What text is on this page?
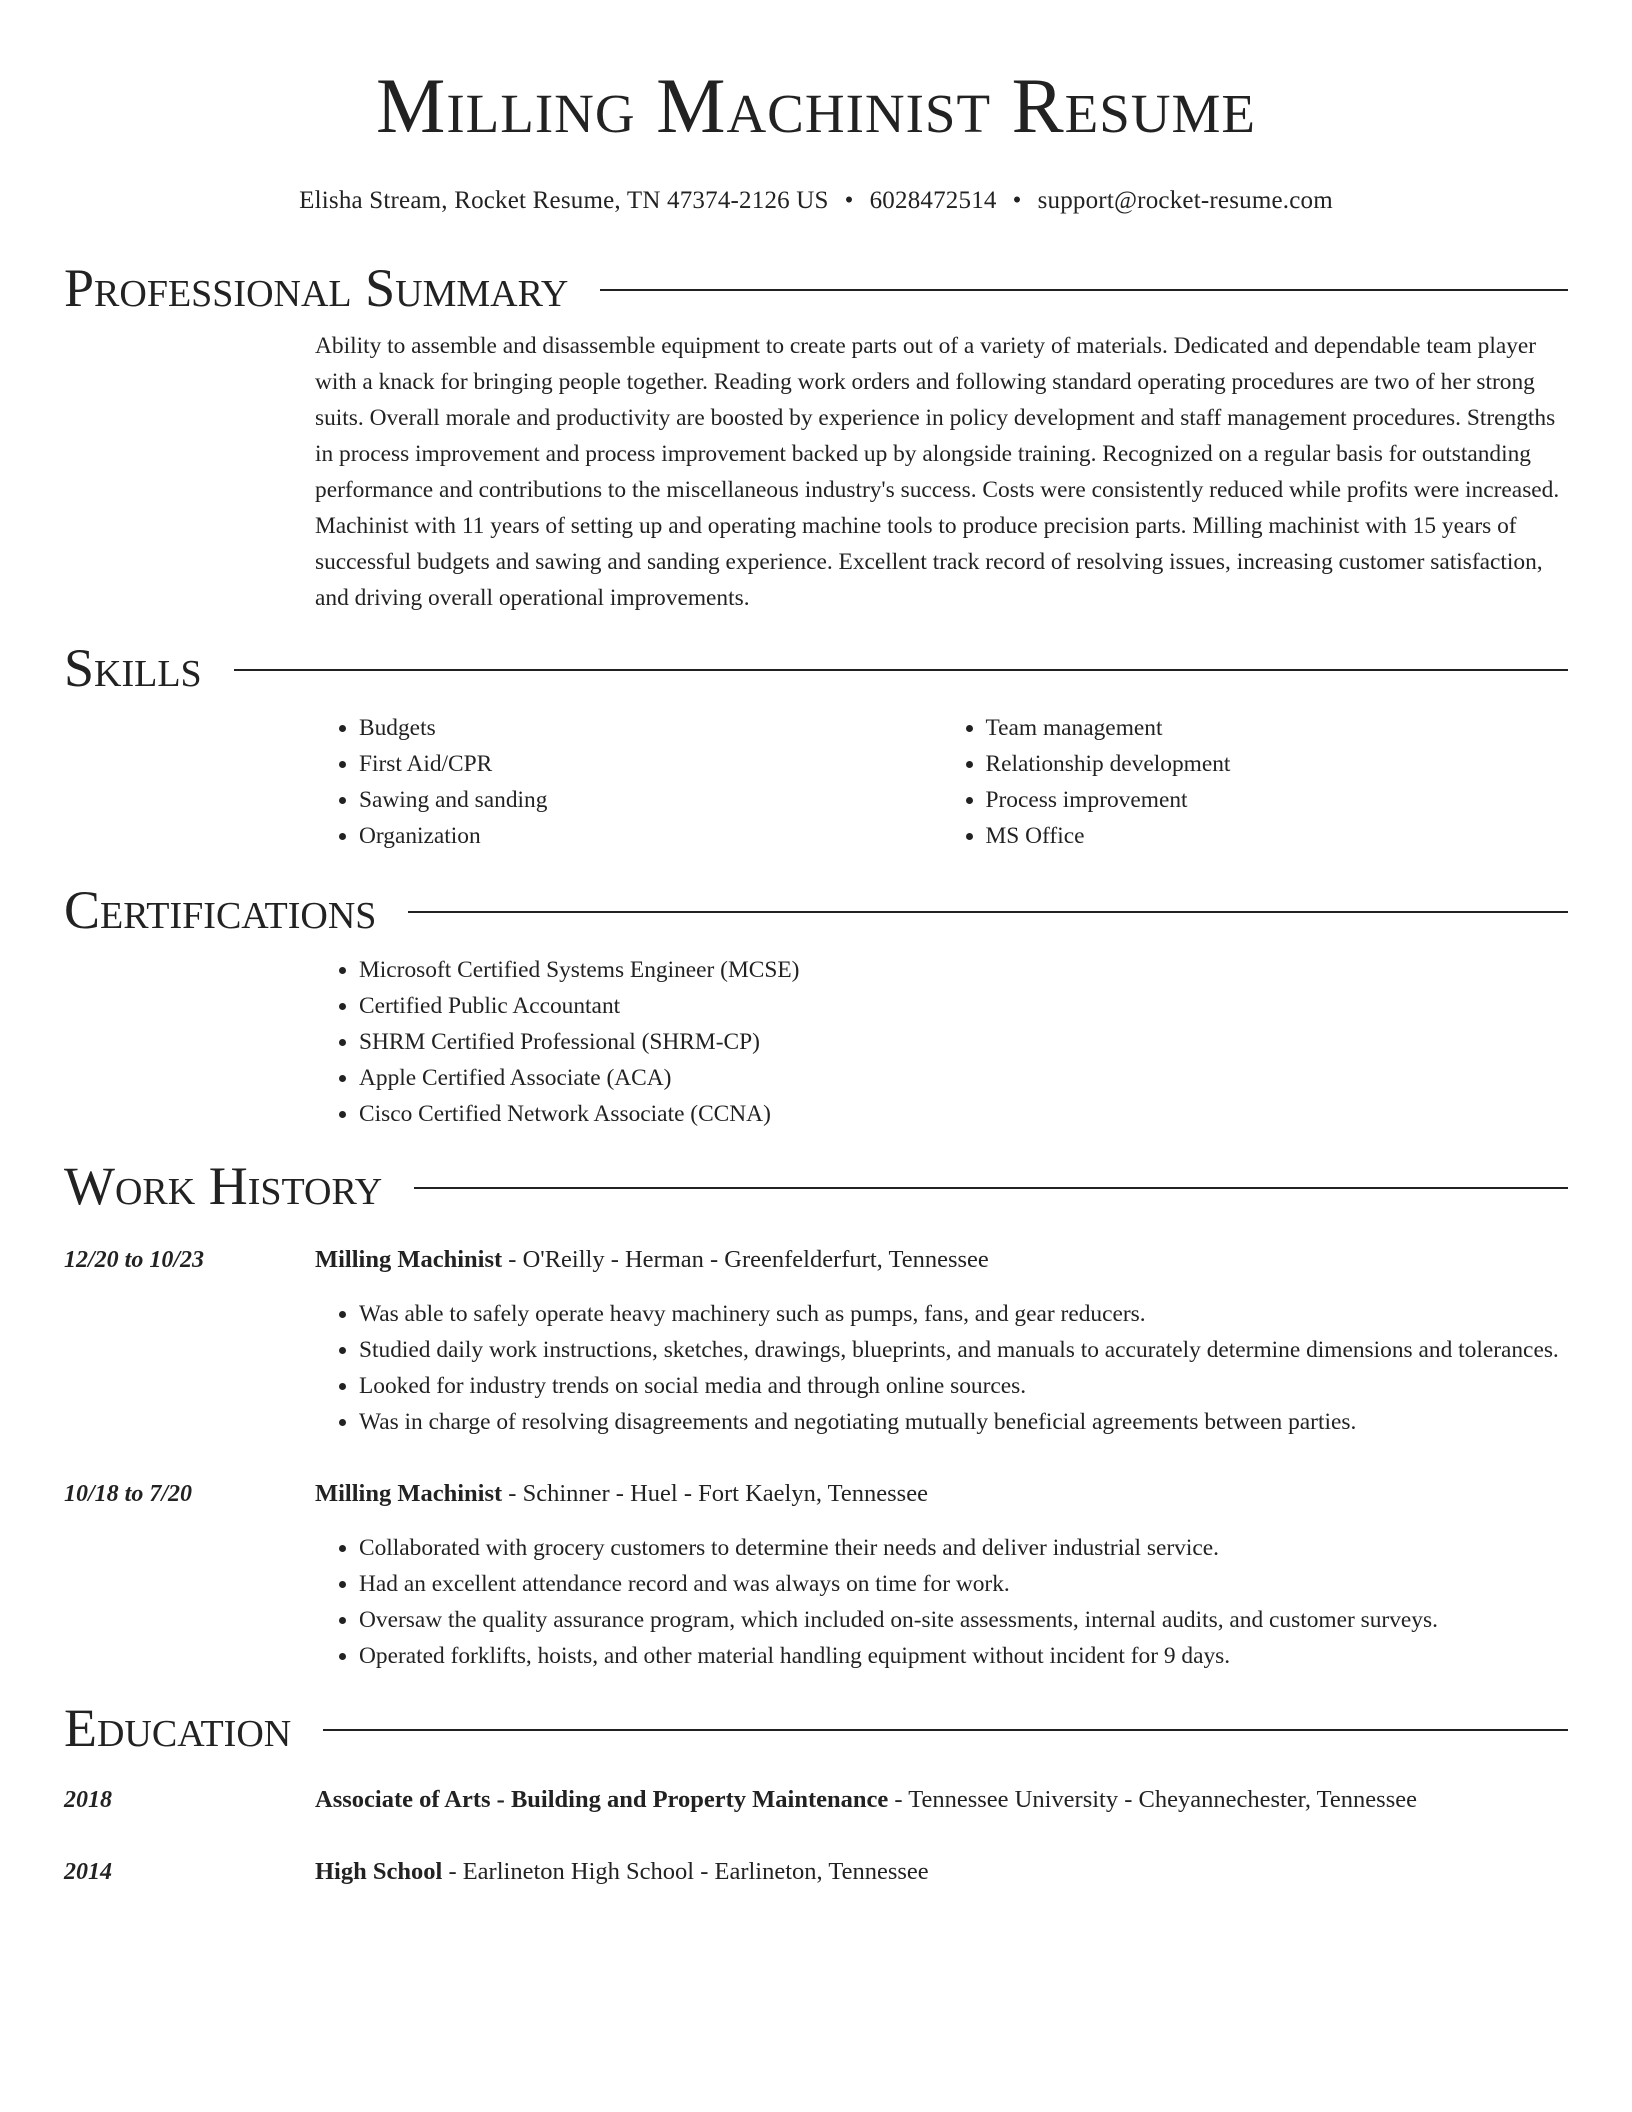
Milling Machinist Resume
Elisha Stream, Rocket Resume, TN 47374-2126 US • 6028472514 • support@rocket-resume.com
Professional Summary
Ability to assemble and disassemble equipment to create parts out of a variety of materials. Dedicated and dependable team player with a knack for bringing people together. Reading work orders and following standard operating procedures are two of her strong suits. Overall morale and productivity are boosted by experience in policy development and staff management procedures. Strengths in process improvement and process improvement backed up by alongside training. Recognized on a regular basis for outstanding performance and contributions to the miscellaneous industry's success. Costs were consistently reduced while profits were increased. Machinist with 11 years of setting up and operating machine tools to produce precision parts. Milling machinist with 15 years of successful budgets and sawing and sanding experience. Excellent track record of resolving issues, increasing customer satisfaction, and driving overall operational improvements.
Skills
• Budgets
• First Aid/CPR
• Sawing and sanding
• Organization
• Team management
• Relationship development
• Process improvement
• MS Office
Certifications
• Microsoft Certified Systems Engineer (MCSE)
• Certified Public Accountant
• SHRM Certified Professional (SHRM-CP)
• Apple Certified Associate (ACA)
• Cisco Certified Network Associate (CCNA)
Work History
12/20 to 10/23	Milling Machinist - O'Reilly - Herman - Greenfelderfurt, Tennessee
• Was able to safely operate heavy machinery such as pumps, fans, and gear reducers.
• Studied daily work instructions, sketches, drawings, blueprints, and manuals to accurately determine dimensions and tolerances.
• Looked for industry trends on social media and through online sources.
• Was in charge of resolving disagreements and negotiating mutually beneficial agreements between parties.
10/18 to 7/20	Milling Machinist - Schinner - Huel - Fort Kaelyn, Tennessee
• Collaborated with grocery customers to determine their needs and deliver industrial service.
• Had an excellent attendance record and was always on time for work.
• Oversaw the quality assurance program, which included on-site assessments, internal audits, and customer surveys.
• Operated forklifts, hoists, and other material handling equipment without incident for 9 days.
Education
2018	Associate of Arts - Building and Property Maintenance - Tennessee University - Cheyannechester, Tennessee
2014	High School - Earlineton High School - Earlineton, Tennessee
